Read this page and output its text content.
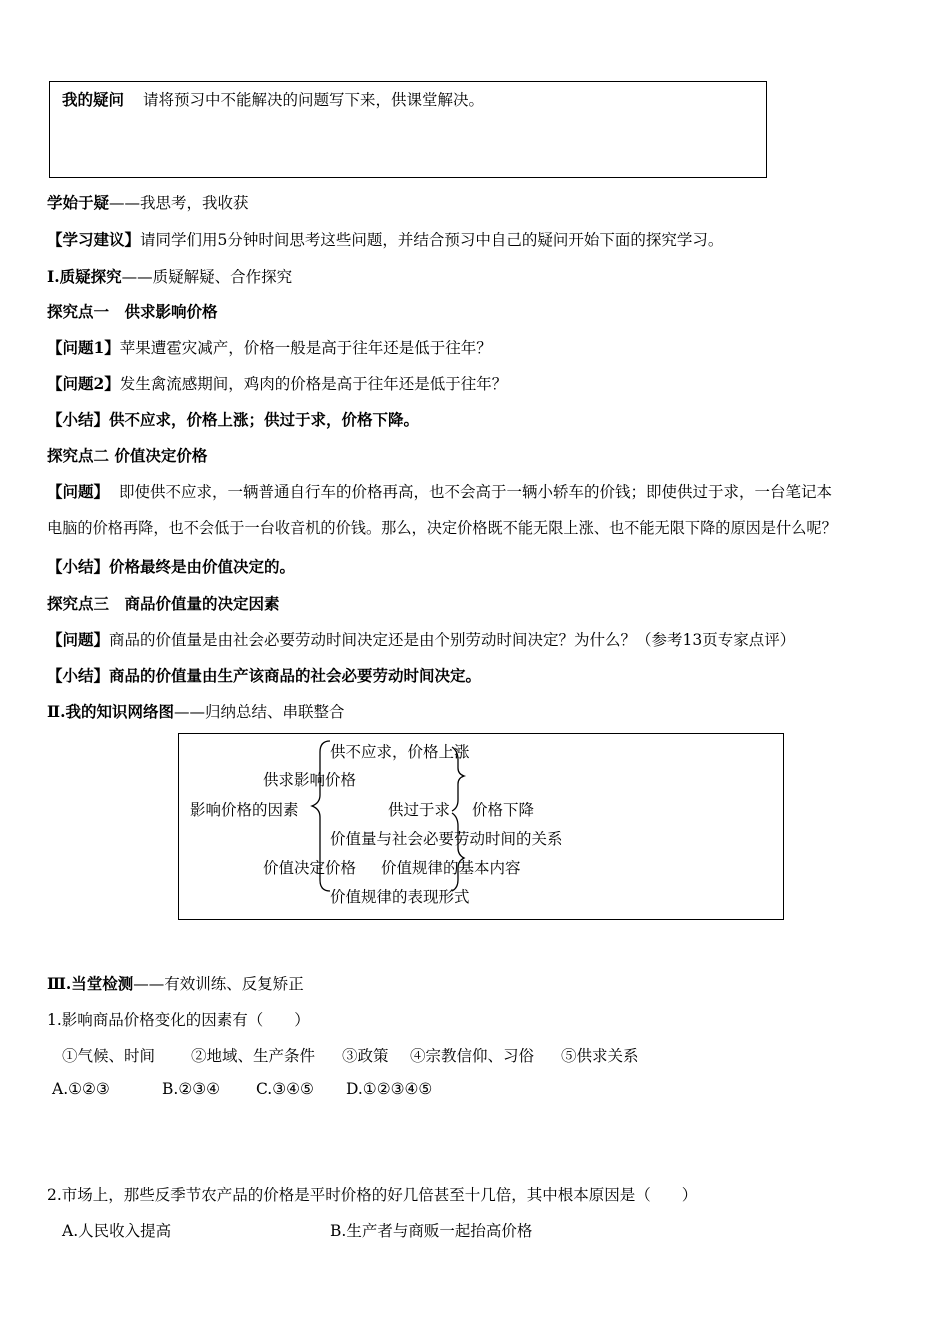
我的疑问 请将预习中不能解决的问题写下来，供课堂解决。
学始于疑——我思考，我收获
【学习建议】请同学们用5分钟时间思考这些问题，并结合预习中自己的疑问开始下面的探究学习。
Ⅰ.质疑探究——质疑解疑、合作探究
探究点一　供求影响价格
【问题1】苹果遭雹灾减产，价格一般是高于往年还是低于往年？
【问题2】发生禽流感期间，鸡肉的价格是高于往年还是低于往年？
【小结】供不应求，价格上涨；供过于求，价格下降。
探究点二 价值决定价格
【问题】 即使供不应求，一辆普通自行车的价格再高，也不会高于一辆小轿车的价钱；即使供过于求，一台笔记本
电脑的价格再降，也不会低于一台收音机的价钱。那么，决定价格既不能无限上涨、也不能无限下降的原因是什么呢？
【小结】价格最终是由价值决定的。
探究点三　商品价值量的决定因素
【问题】商品的价值量是由社会必要劳动时间决定还是由个别劳动时间决定？为什么？（参考13页专家点评）
【小结】商品的价值量由生产该商品的社会必要劳动时间决定。
Ⅱ.我的知识网络图——归纳总结、串联整合
供不应求，价格上涨
供求影响价格
影响价格的因素	供过于求 价格下降
价值量与社会必要劳动时间的关系
价值决定价格 价值规律的基本内容
价值规律的表现形式
Ⅲ.当堂检测——有效训练、反复矫正
1.影响商品价格变化的因素有（　　）
①气候、时间 ②地域、生产条件 ③政策 ④宗教信仰、习俗 ⑤供求关系
A.①②③	B.②③④ C.③④⑤ D.①②③④⑤
2.市场上，那些反季节农产品的价格是平时价格的好几倍甚至十几倍，其中根本原因是（　　）
A.人民收入提高	B.生产者与商贩一起抬高价格
